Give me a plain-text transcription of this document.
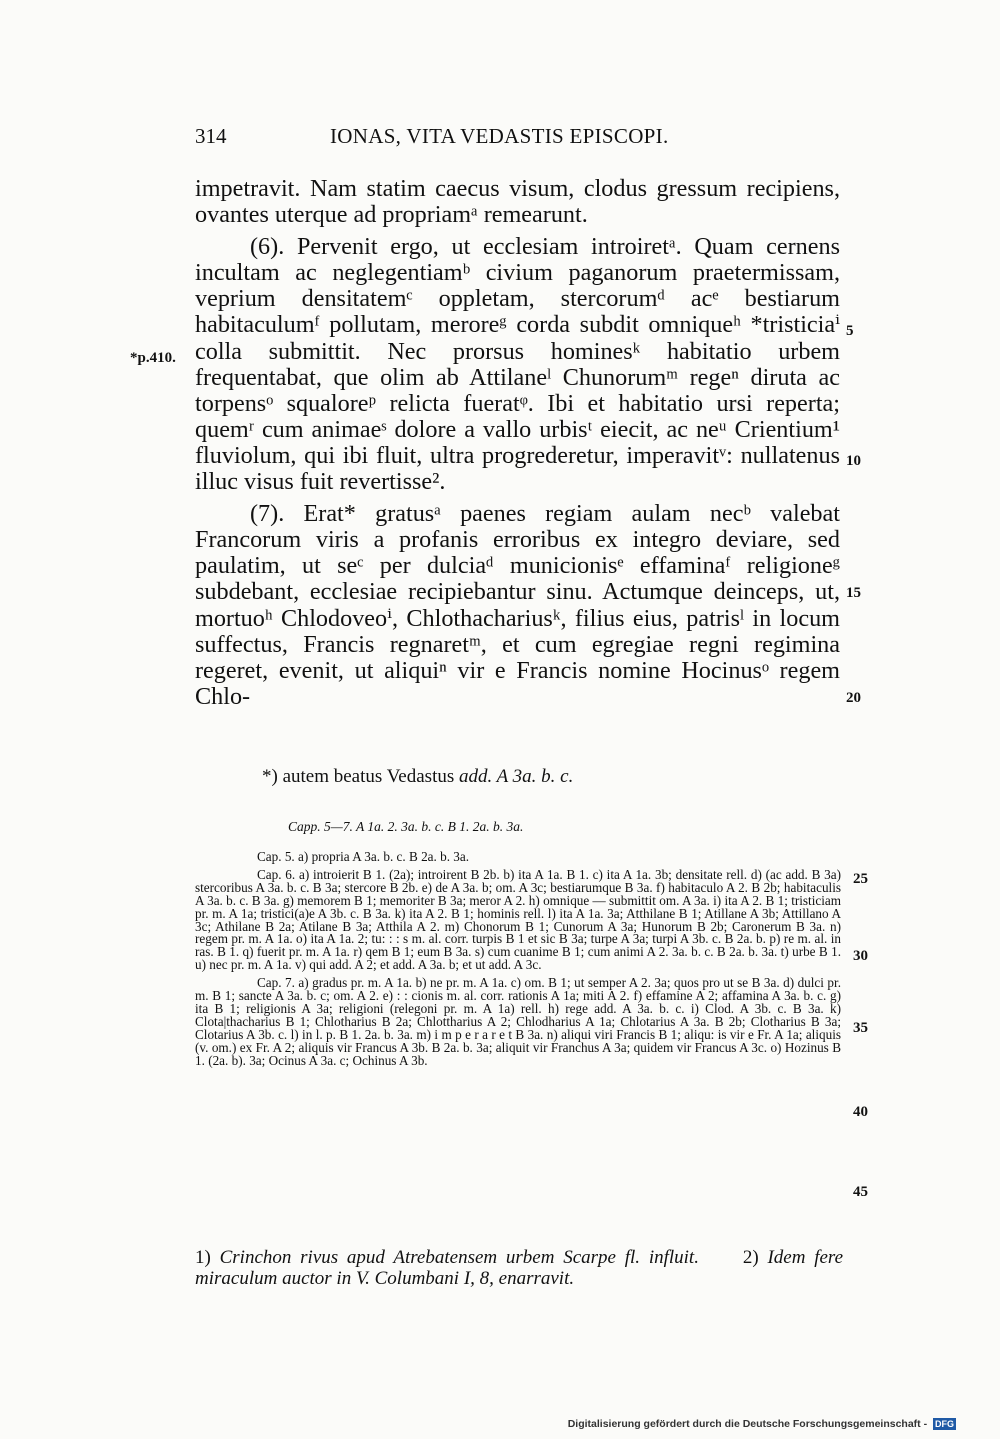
314	IONAS, VITA VEDASTIS EPISCOPI.

impetravit. Nam statim caecus visum, clodus gressum recipiens, ovantes uterque ad propriamᵃ remearunt.

(6). Pervenit ergo, ut ecclesiam introiretᵃ. Quam cernens incultam ac neglegentiamᵇ civium paganorum praetermissam, veprium densitatemᶜ oppletam, stercorumᵈ acᵉ bestiarum habitaculumᶠ pollutam, meroreᵍ corda subdit omniqueʰ *tristiciaⁱ colla submittit. Nec prorsus hominesᵏ habitatio urbem frequentabat, que olim ab Attilaneˡ Chunorumᵐ regeⁿ diruta ac torpensᵒ squaloreᵖ relicta fueratᵠ. Ibi et habitatio ursi reperta; quemʳ cum animaeˢ dolore a vallo urbisᵗ eiecit, ac neᵘ Crientium¹ fluviolum, qui ibi fluit, ultra progrederetur, imperavitᵛ: nullatenus illuc visus fuit revertisse².

(7). Erat* gratusᵃ paenes regiam aulam necᵇ valebat Francorum viris a profanis erroribus ex integro deviare, sed paulatim, ut seᶜ per dulciaᵈ municionisᵉ effaminaᶠ religioneᵍ subdebant, ecclesiae recipiebantur sinu. Actumque deinceps, ut, mortuoʰ Chlodoveoⁱ, Chlothachariusᵏ, filius eius, patrisˡ in locum suffectus, Francis regnaretᵐ, et cum egregiae regni regimina regeret, evenit, ut aliquiⁿ vir e Francis nomine Hocinusᵒ regem Chlo-

*p.410.
5
10
15
20
25
30
35
40
45
*) autem beatus Vedastus add. A 3a. b. c.
Capp. 5—7. A 1a. 2. 3a. b. c. B 1. 2a. b. 3a.

Cap. 5. a) propria A 3a. b. c. B 2a. b. 3a.

Cap. 6. a) introierit B 1. (2a); introirent B 2b. b) ita A 1a. B 1. c) ita A 1a. 3b; densitate rell. d) (ac add. B 3a) stercoribus A 3a. b. c. B 3a; stercore B 2b. e) de A 3a. b; om. A 3c; bestiarumque B 3a. f) habitaculo A 2. B 2b; habitaculis A 3a. b. c. B 3a. g) memorem B 1; memoriter B 3a; meror A 2. h) omnique — submittit om. A 3a. i) ita A 2. B 1; tristiciam pr. m. A 1a; tristici(a)e A 3b. c. B 3a. k) ita A 2. B 1; hominis rell. l) ita A 1a. 3a; Atthilane B 1; Atillane A 3b; Attillano A 3c; Athilane B 2a; Atilane B 3a; Atthila A 2. m) Chonorum B 1; Cunorum A 3a; Hunorum B 2b; Caronerum B 3a. n) regem pr. m. A 1a. o) ita A 1a. 2; tu: : : s m. al. corr. turpis B 1 et sic B 3a; turpe A 3a; turpi A 3b. c. B 2a. b. p) re m. al. in ras. B 1. q) fuerit pr. m. A 1a. r) qem B 1; eum B 3a. s) cum cuanime B 1; cum animi A 2. 3a. b. c. B 2a. b. 3a. t) urbe B 1. u) nec pr. m. A 1a. v) qui add. A 2; et add. A 3a. b; et ut add. A 3c.

Cap. 7. a) gradus pr. m. A 1a. b) ne pr. m. A 1a. c) om. B 1; ut semper A 2. 3a; quos pro ut se B 3a. d) dulci pr. m. B 1; sancte A 3a. b. c; om. A 2. e) : : cionis m. al. corr. rationis A 1a; miti A 2. f) effamine A 2; affamina A 3a. b. c. g) ita B 1; religionis A 3a; religioni (relegoni pr. m. A 1a) rell. h) rege add. A 3a. b. c. i) Clod. A 3b. c. B 3a. k) Clota|thacharius B 1; Chlotharius B 2a; Chlottharius A 2; Chlodharius A 1a; Chlotarius A 3a. B 2b; Clotharius B 3a; Clotarius A 3b. c. l) in l. p. B 1. 2a. b. 3a. m) i m p e r a r e t B 3a. n) aliqui viri Francis B 1; aliqu: is vir e Fr. A 1a; aliquis (v. om.) ex Fr. A 2; aliquis vir Francus A 3b. B 2a. b. 3a; aliquit vir Franchus A 3a; quidem vir Francus A 3c. o) Hozinus B 1. (2a. b). 3a; Ocinus A 3a. c; Ochinus A 3b.

1) Crinchon rivus apud Atrebatensem urbem Scarpe fl. influit. 2) Idem fere miraculum auctor in V. Columbani I, 8, enarravit.
Digitalisierung gefördert durch die Deutsche Forschungsgemeinschaft - DFG
